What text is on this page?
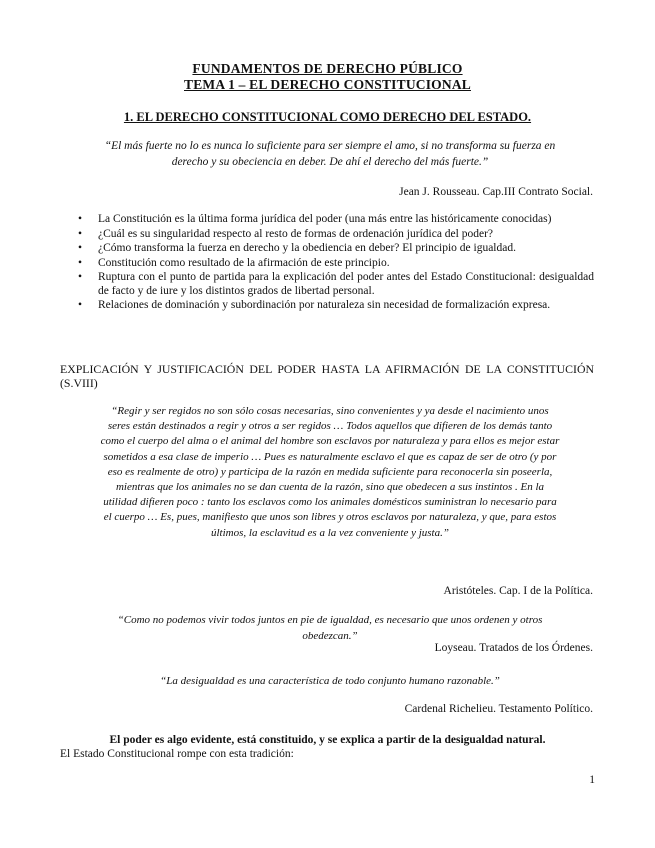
FUNDAMENTOS DE DERECHO PÚBLICO
TEMA 1 – EL DERECHO CONSTITUCIONAL
1. EL DERECHO CONSTITUCIONAL COMO DERECHO DEL ESTADO.
“El más fuerte no lo es nunca lo suficiente para ser siempre el amo, si no transforma su fuerza en derecho y su obeciencia en deber. De ahí el derecho del más fuerte.”
Jean J. Rousseau. Cap.III Contrato Social.
• La Constitución es la última forma jurídica del poder (una más entre las históricamente conocidas)
• ¿Cuál es su singularidad respecto al resto de formas de ordenación jurídica del poder?
• ¿Cómo transforma la fuerza en derecho y la obediencia en deber? El principio de igualdad.
• Constitución como resultado de la afirmación de este principio.
• Ruptura con el punto de partida para la explicación del poder antes del Estado Constitucional: desigualdad de facto y de iure y los distintos grados de libertad personal.
• Relaciones de dominación y subordinación por naturaleza sin necesidad de formalización expresa.
EXPLICACIÓN Y JUSTIFICACIÓN DEL PODER HASTA LA AFIRMACIÓN DE LA CONSTITUCIÓN (S.VIII)
“Regir y ser regidos no son sólo cosas necesarias, sino convenientes y ya desde el nacimiento unos seres están destinados a regir y otros a ser regidos … Todos aquellos que difieren de los demás tanto como el cuerpo del alma o el animal del hombre son esclavos por naturaleza y para ellos es mejor estar sometidos a esa clase de imperio … Pues es naturalmente esclavo el que es capaz de ser de otro (y por eso es realmente de otro) y participa de la razón en medida suficiente para reconocerla sin poseerla, mientras que los animales no se dan cuenta de la razón, sino que obedecen a sus instintos . En la utilidad difieren poco : tanto los esclavos como los animales domésticos suministran lo necesario para el cuerpo … Es, pues, manifiesto que unos son libres y otros esclavos por naturaleza, y que, para estos últimos, la esclavitud es a la vez conveniente y justa.”
Aristóteles. Cap. I de la Política.
“Como no podemos vivir todos juntos en pie de igualdad, es necesario que unos ordenen y otros obedezcan.”
Loyseau. Tratados de los Órdenes.
“La desigualdad es una característica de todo conjunto humano razonable.”
Cardenal Richelieu. Testamento Político.
El poder es algo evidente, está constituido, y se explica a partir de la desigualdad natural.
El Estado Constitucional rompe con esta tradición:
1
